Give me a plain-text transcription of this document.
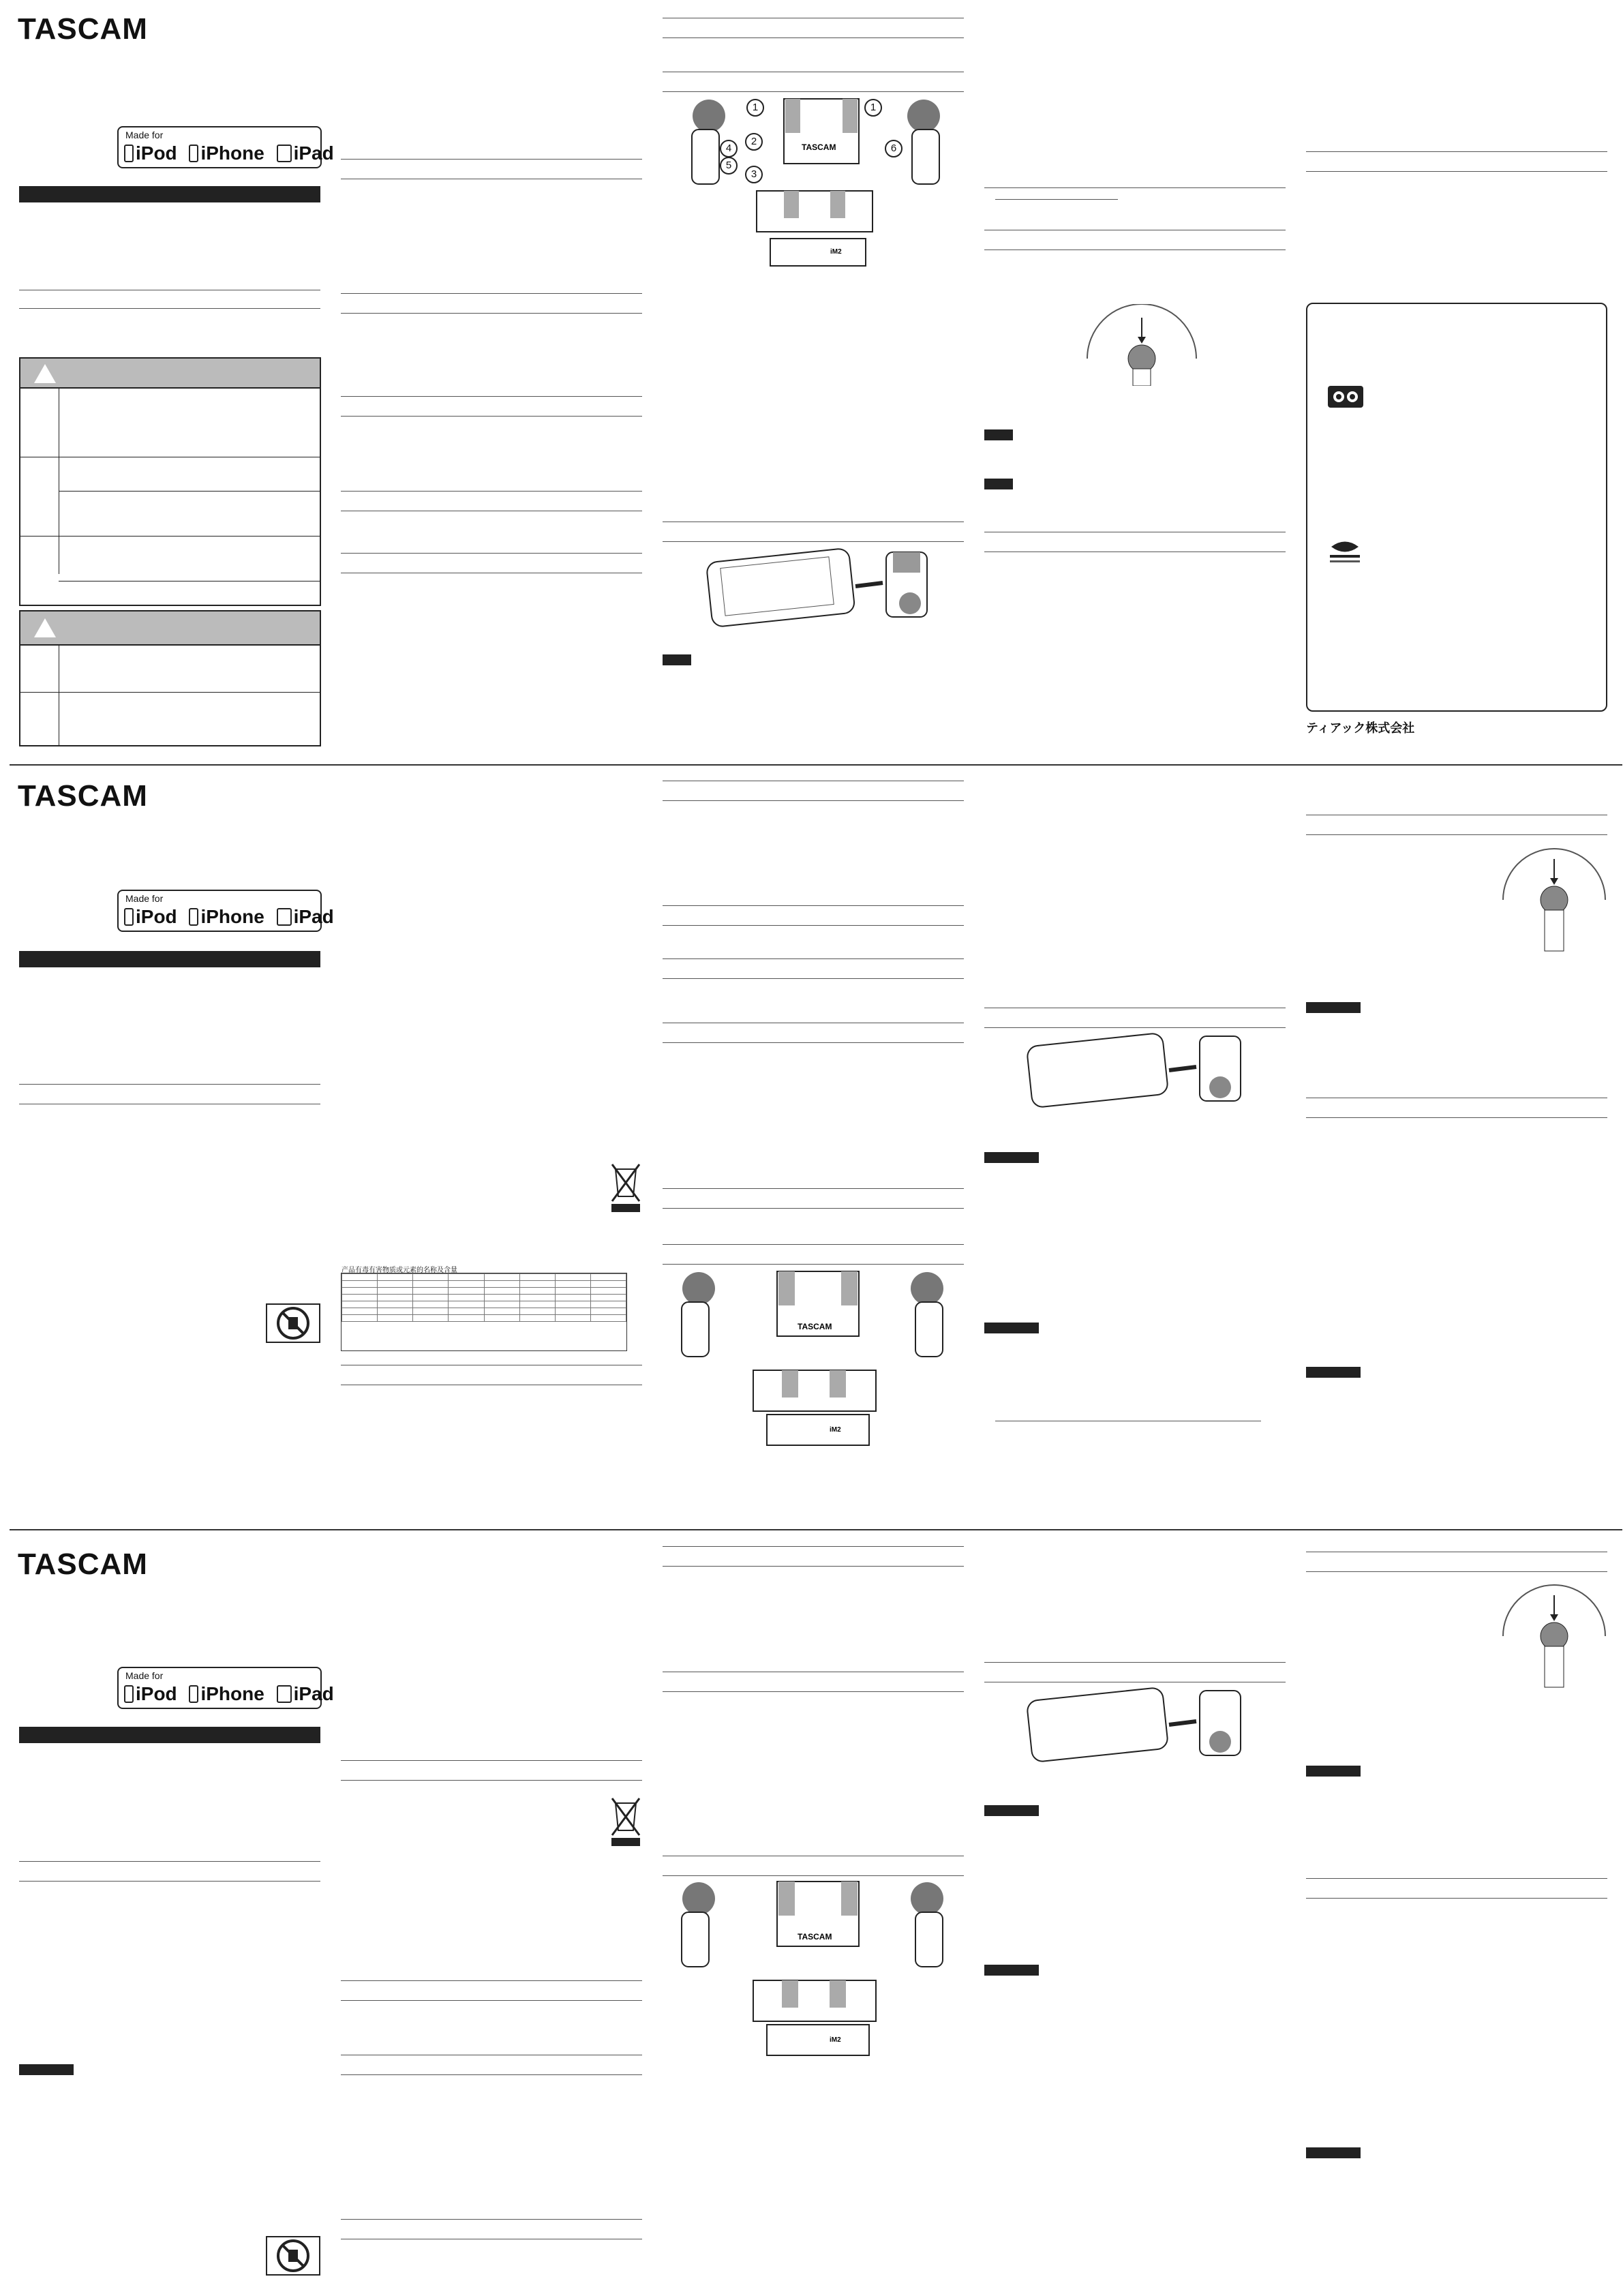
TASCAM
Made for
iPod iPhone iPad	TASCAM
iM2
1	1
2
3
4
5
6
ティアック株式会社
TASCAM
Made for
iPod iPhone iPad
产品有毒有害物质或元素的名称及含量

TASCAM
iM2
TASCAM
Made for
iPod iPhone iPad
TASCAM
iM2
